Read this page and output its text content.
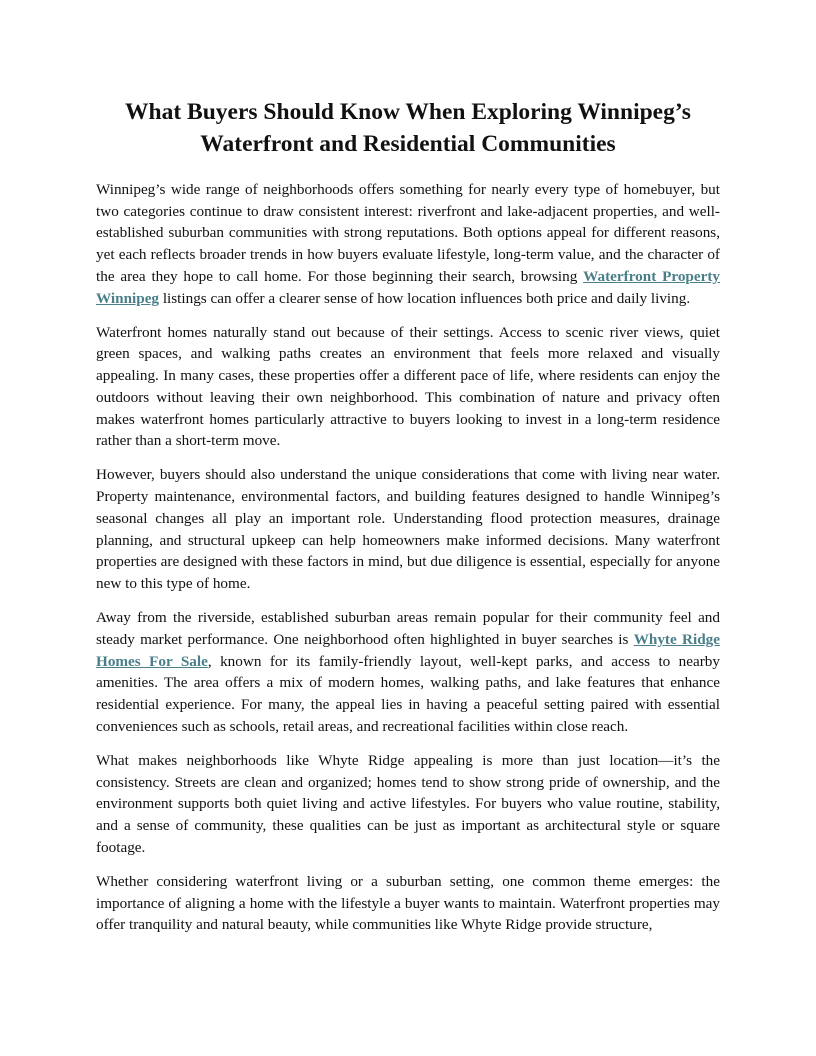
What Buyers Should Know When Exploring Winnipeg’s
Waterfront and Residential Communities

Winnipeg’s wide range of neighborhoods offers something for nearly every type of homebuyer, but two categories continue to draw consistent interest: riverfront and lake-adjacent properties, and well-established suburban communities with strong reputations. Both options appeal for different reasons, yet each reflects broader trends in how buyers evaluate lifestyle, long-term value, and the character of the area they hope to call home. For those beginning their search, browsing Waterfront Property Winnipeg listings can offer a clearer sense of how location influences both price and daily living.

Waterfront homes naturally stand out because of their settings. Access to scenic river views, quiet green spaces, and walking paths creates an environment that feels more relaxed and visually appealing. In many cases, these properties offer a different pace of life, where residents can enjoy the outdoors without leaving their own neighborhood. This combination of nature and privacy often makes waterfront homes particularly attractive to buyers looking to invest in a long-term residence rather than a short-term move.

However, buyers should also understand the unique considerations that come with living near water. Property maintenance, environmental factors, and building features designed to handle Winnipeg’s seasonal changes all play an important role. Understanding flood protection measures, drainage planning, and structural upkeep can help homeowners make informed decisions. Many waterfront properties are designed with these factors in mind, but due diligence is essential, especially for anyone new to this type of home.

Away from the riverside, established suburban areas remain popular for their community feel and steady market performance. One neighborhood often highlighted in buyer searches is Whyte Ridge Homes For Sale, known for its family-friendly layout, well-kept parks, and access to nearby amenities. The area offers a mix of modern homes, walking paths, and lake features that enhance residential experience. For many, the appeal lies in having a peaceful setting paired with essential conveniences such as schools, retail areas, and recreational facilities within close reach.

What makes neighborhoods like Whyte Ridge appealing is more than just location—it’s the consistency. Streets are clean and organized; homes tend to show strong pride of ownership, and the environment supports both quiet living and active lifestyles. For buyers who value routine, stability, and a sense of community, these qualities can be just as important as architectural style or square footage.

Whether considering waterfront living or a suburban setting, one common theme emerges: the importance of aligning a home with the lifestyle a buyer wants to maintain. Waterfront properties may offer tranquility and natural beauty, while communities like Whyte Ridge provide structure,
